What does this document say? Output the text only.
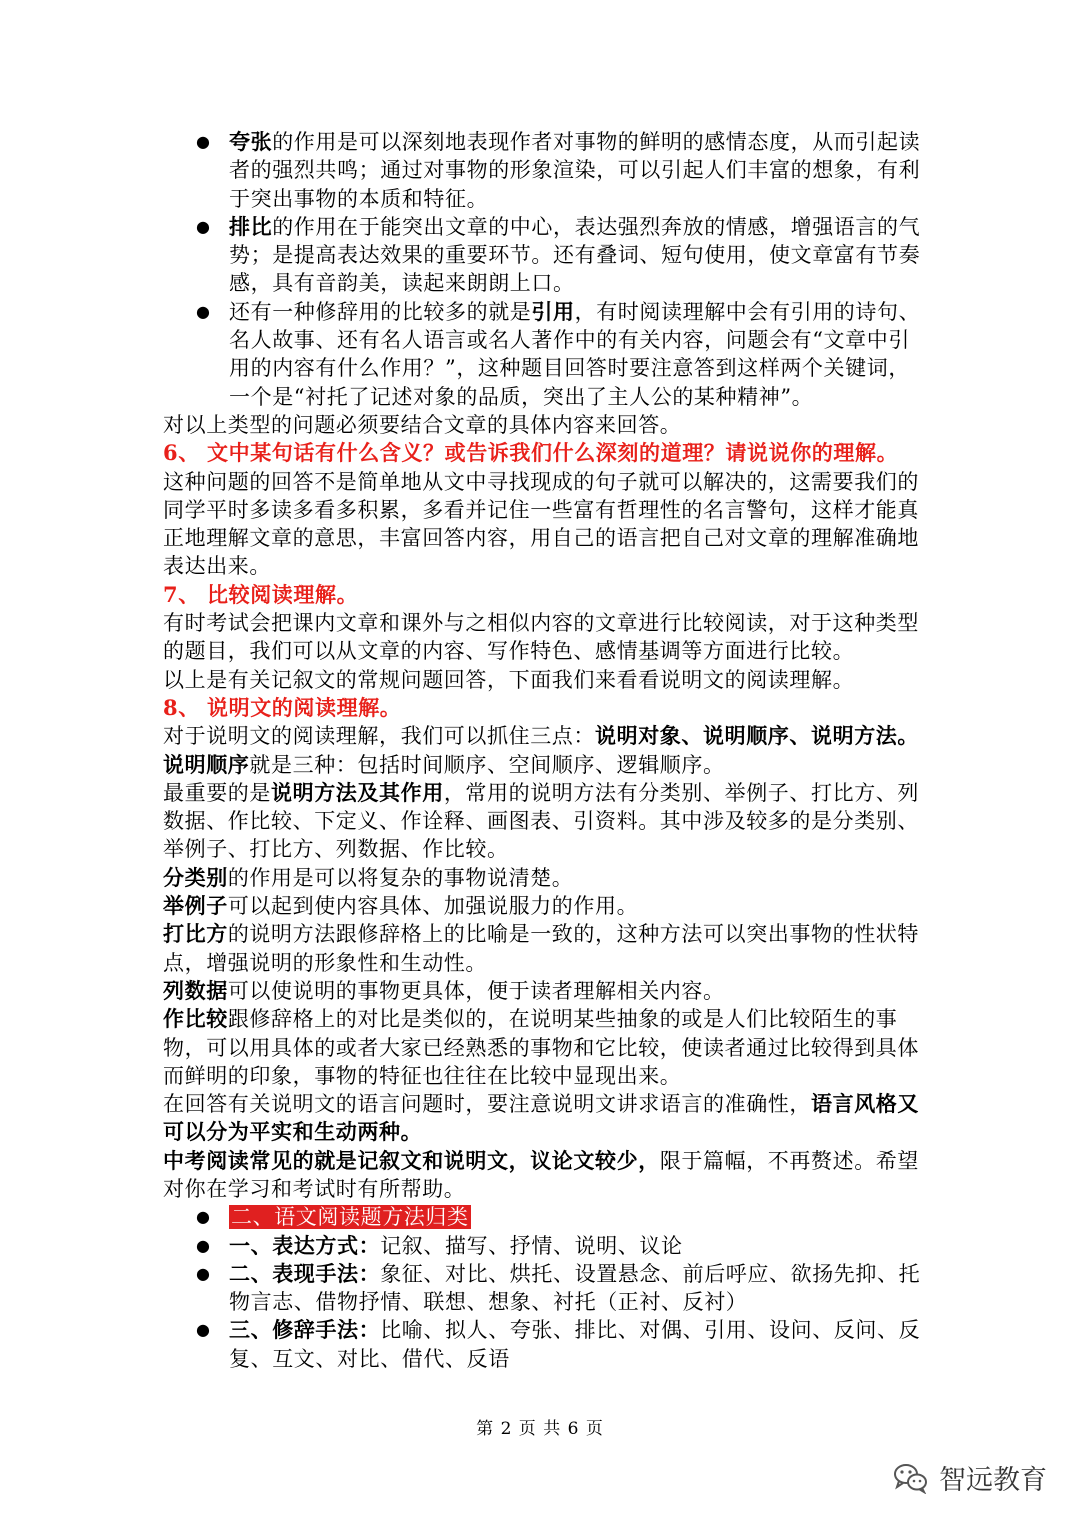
● 夸张的作用是可以深刻地表现作者对事物的鲜明的感情态度，从而引起读者的强烈共鸣；通过对事物的形象渲染，可以引起人们丰富的想象，有利于突出事物的本质和特征。

● 排比的作用在于能突出文章的中心，表达强烈奔放的情感，增强语言的气势；是提高表达效果的重要环节。还有叠词、短句使用，使文章富有节奏感，具有音韵美，读起来朗朗上口。

● 还有一种修辞用的比较多的就是引用，有时阅读理解中会有引用的诗句、名人故事、还有名人语言或名人著作中的有关内容，问题会有“文章中引用的内容有什么作用？”，这种题目回答时要注意答到这样两个关键词，一个是“衬托了记述对象的品质，突出了主人公的某种精神”。

对以上类型的问题必须要结合文章的具体内容来回答。

6、 文中某句话有什么含义？或告诉我们什么深刻的道理？请说说你的理解。

这种问题的回答不是简单地从文中寻找现成的句子就可以解决的，这需要我们的同学平时多读多看多积累，多看并记住一些富有哲理性的名言警句，这样才能真正地理解文章的意思，丰富回答内容，用自己的语言把自己对文章的理解准确地表达出来。

7、 比较阅读理解。

有时考试会把课内文章和课外与之相似内容的文章进行比较阅读，对于这种类型的题目，我们可以从文章的内容、写作特色、感情基调等方面进行比较。

以上是有关记叙文的常规问题回答，下面我们来看看说明文的阅读理解。

8、 说明文的阅读理解。

对于说明文的阅读理解，我们可以抓住三点：说明对象、说明顺序、说明方法。

说明顺序就是三种：包括时间顺序、空间顺序、逻辑顺序。

最重要的是说明方法及其作用，常用的说明方法有分类别、举例子、打比方、列数据、作比较、下定义、作诠释、画图表、引资料。其中涉及较多的是分类别、举例子、打比方、列数据、作比较。

分类别的作用是可以将复杂的事物说清楚。

举例子可以起到使内容具体、加强说服力的作用。

打比方的说明方法跟修辞格上的比喻是一致的，这种方法可以突出事物的性状特点，增强说明的形象性和生动性。

列数据可以使说明的事物更具体，便于读者理解相关内容。

作比较跟修辞格上的对比是类似的，在说明某些抽象的或是人们比较陌生的事物，可以用具体的或者大家已经熟悉的事物和它比较，使读者通过比较得到具体而鲜明的印象，事物的特征也往往在比较中显现出来。

在回答有关说明文的语言问题时，要注意说明文讲求语言的准确性，语言风格又可以分为平实和生动两种。

中考阅读常见的就是记叙文和说明文，议论文较少，限于篇幅，不再赘述。希望对你在学习和考试时有所帮助。

● 二、语文阅读题方法归类

● 一、表达方式：记叙、描写、抒情、说明、议论

● 二、表现手法：象征、对比、烘托、设置悬念、前后呼应、欲扬先抑、托物言志、借物抒情、联想、想象、衬托（正衬、反衬）

● 三、修辞手法：比喻、拟人、夸张、排比、对偶、引用、设问、反问、反复、互文、对比、借代、反语

第 2 页 共 6 页
智远教育
